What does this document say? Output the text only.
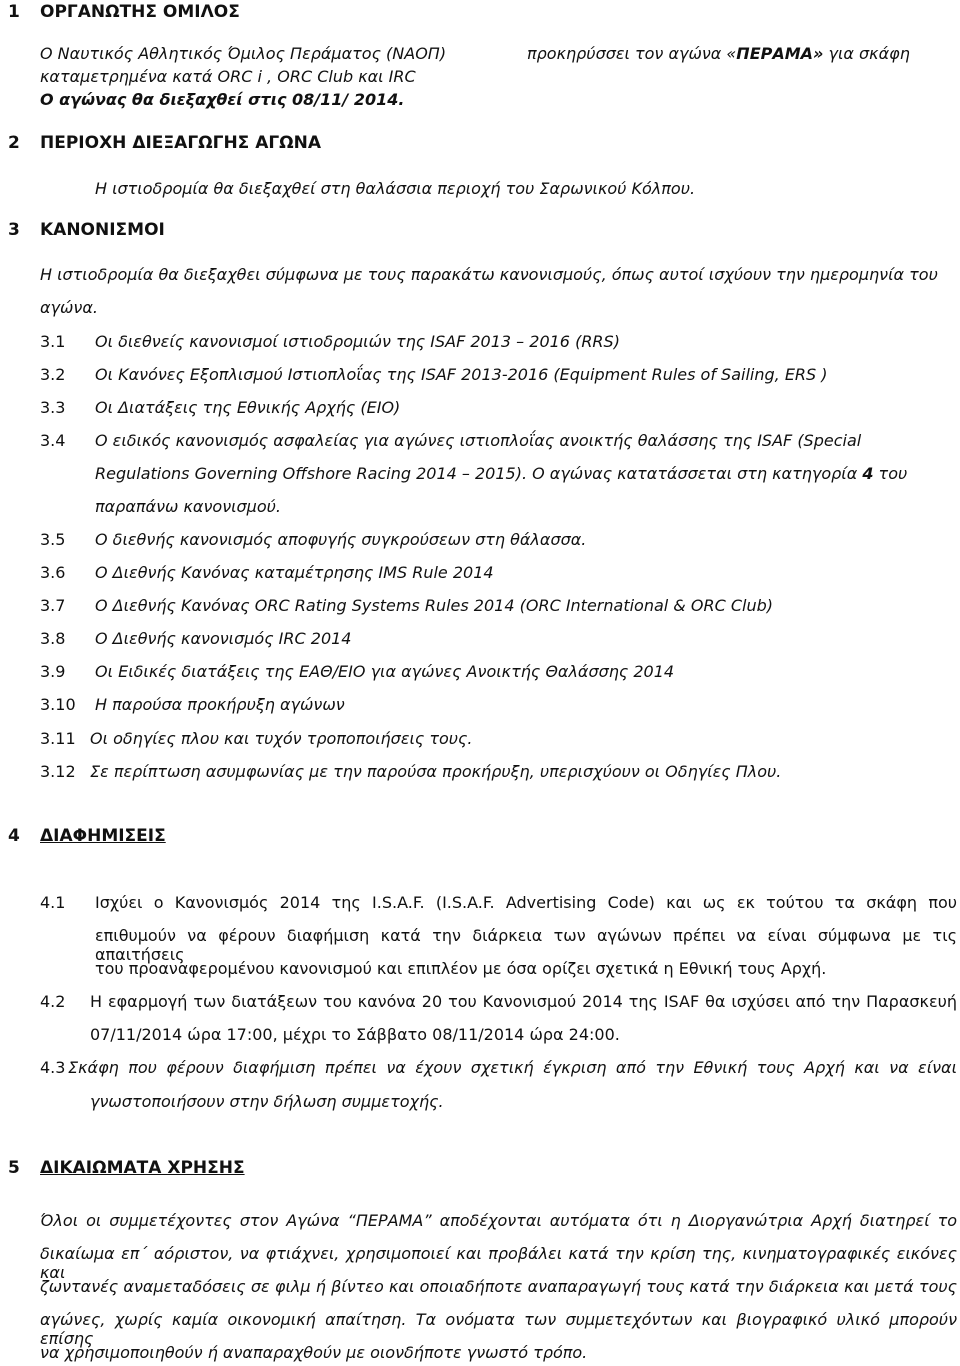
1 ΟΡΓΑΝΩΤΗΣ ΟΜΙΛΟΣ
Ο Ναυτικός Αθλητικός Όμιλος Περάματος (ΝΑΟΠ)	προκηρύσσει τον αγώνα «ΠΕΡΑΜΑ» για σκάφη
καταμετρημένα κατά ORC i , ORC Club και IRC
Ο αγώνας θα διεξαχθεί στις 08/11/ 2014.
2 ΠΕΡΙΟΧΗ ΔΙΕΞΑΓΩΓΗΣ ΑΓΩΝΑ
Η ιστιοδρομία θα διεξαχθεί στη θαλάσσια περιοχή του Σαρωνικού Κόλπου.
3 ΚΑΝΟΝΙΣΜΟΙ
Η ιστιοδρομία θα διεξαχθει σύμφωνα με τους παρακάτω κανονισμούς, όπως αυτοί ισχύουν την ημερομηνία του
αγώνα.
3.1 Οι διεθνείς κανονισμοί ιστιοδρομιών της ISAF 2013 – 2016 (RRS)
3.2 Οι Κανόνες Εξοπλισμού Ιστιοπλοΐας της ISAF 2013-2016 (Equipment Rules of Sailing, ERS )
3.3 Οι Διατάξεις της Εθνικής Αρχής (ΕΙΟ)
3.4 Ο ειδικός κανονισμός ασφαλείας για αγώνες ιστιοπλοΐας ανοικτής θαλάσσης της ISAF (Special
Regulations Governing Offshore Racing 2014 – 2015). Ο αγώνας κατατάσσεται στη κατηγορία 4 του
παραπάνω κανονισμού.
3.5 Ο διεθνής κανονισμός αποφυγής συγκρούσεων στη θάλασσα.
3.6 Ο Διεθνής Κανόνας καταμέτρησης IMS Rule 2014
3.7 Ο Διεθνής Κανόνας ORC Rating Systems Rules 2014 (ORC International & ORC Club)
3.8 Ο Διεθνής κανονισμός IRC 2014
3.9 Οι Ειδικές διατάξεις της ΕΑΘ/ΕΙΟ για αγώνες Ανοικτής Θαλάσσης 2014
3.10 Η παρούσα προκήρυξη αγώνων
3.11 Οι οδηγίες πλου και τυχόν τροποποιήσεις τους.
3.12 Σε περίπτωση ασυμφωνίας με την παρούσα προκήρυξη, υπερισχύουν οι Οδηγίες Πλου.
4 ΔΙΑΦΗΜΙΣΕΙΣ
4.1 Ισχύει ο Κανονισμός 2014 της I.S.A.F. (I.S.A.F. Advertising Code) και ως εκ τούτου τα σκάφη που
επιθυμούν να φέρουν διαφήμιση κατά την διάρκεια των αγώνων πρέπει να είναι σύμφωνα με τις απαιτήσεις
του προαναφερομένου κανονισμού και επιπλέον με όσα ορίζει σχετικά η Εθνική τους Αρχή.
4.2 Η εφαρμογή των διατάξεων του κανόνα 20 του Κανονισμού 2014 της ISAF θα ισχύσει από την Παρασκευή
07/11/2014 ώρα 17:00, μέχρι το Σάββατο 08/11/2014 ώρα 24:00.
4.3 Σκάφη που φέρουν διαφήμιση πρέπει να έχουν σχετική έγκριση από την Εθνική τους Αρχή και να είναι
γνωστοποιήσουν στην δήλωση συμμετοχής.
5 ΔΙΚΑΙΩΜΑΤΑ ΧΡΗΣΗΣ
Όλοι οι συμμετέχοντες στον Αγώνα “ΠΕΡΑΜΑ” αποδέχονται αυτόματα ότι η Διοργανώτρια Αρχή διατηρεί το
δικαίωμα επ΄ αόριστον, να φτιάχνει, χρησιμοποιεί και προβάλει κατά την κρίση της, κινηματογραφικές εικόνες και
ζωντανές αναμεταδόσεις σε φιλμ ή βίντεο και οποιαδήποτε αναπαραγωγή τους κατά την διάρκεια και μετά τους
αγώνες, χωρίς καμία οικονομική απαίτηση. Τα ονόματα των συμμετεχόντων και βιογραφικό υλικό μπορούν επίσης
να χρησιμοποιηθούν ή αναπαραχθούν με οιονδήποτε γνωστό τρόπο.
